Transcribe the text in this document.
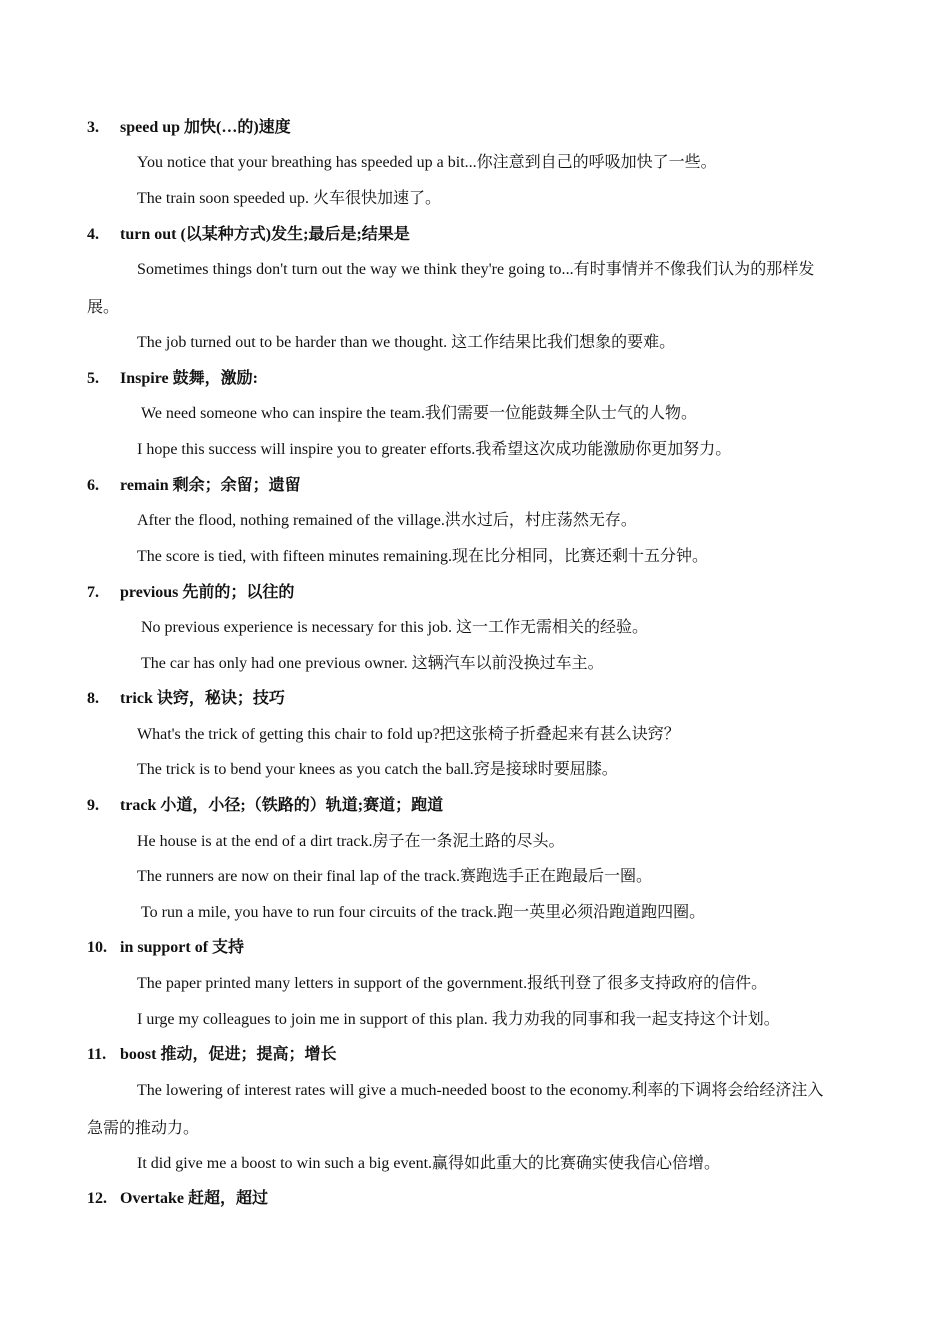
3. speed up 加快(…的)速度
You notice that your breathing has speeded up a bit...你注意到自己的呼吸加快了一些。
The train soon speeded up. 火车很快加速了。
4. turn out (以某种方式)发生;最后是;结果是
Sometimes things don't turn out the way we think they're going to...有时事情并不像我们认为的那样发
展。
The job turned out to be harder than we thought. 这工作结果比我们想象的要难。
5. Inspire 鼓舞，激励:
We need someone who can inspire the team.我们需要一位能鼓舞全队士气的人物。
I hope this success will inspire you to greater efforts.我希望这次成功能激励你更加努力。
6. remain 剩余；余留；遗留
After the flood, nothing remained of the village.洪水过后，村庄荡然无存。
The score is tied, with fifteen minutes remaining.现在比分相同，比赛还剩十五分钟。
7. previous 先前的；以往的
No previous experience is necessary for this job. 这一工作无需相关的经验。
The car has only had one previous owner. 这辆汽车以前没换过车主。
8. trick 诀窍，秘诀；技巧
What's the trick of getting this chair to fold up?把这张椅子折叠起来有甚么诀窍？
The trick is to bend your knees as you catch the ball.窍是接球时要屈膝。
9. track 小道，小径;（铁路的）轨道;赛道；跑道
He house is at the end of a dirt track.房子在一条泥土路的尽头。
The runners are now on their final lap of the track.赛跑选手正在跑最后一圈。
To run a mile, you have to run four circuits of the track.跑一英里必须沿跑道跑四圈。
10. in support of 支持
The paper printed many letters in support of the government.报纸刊登了很多支持政府的信件。
I urge my colleagues to join me in support of this plan. 我力劝我的同事和我一起支持这个计划。
11. boost 推动，促进；提高；增长
The lowering of interest rates will give a much-needed boost to the economy.利率的下调将会给经济注入
急需的推动力。
It did give me a boost to win such a big event.赢得如此重大的比赛确实使我信心倍增。
12. Overtake 赶超，超过
